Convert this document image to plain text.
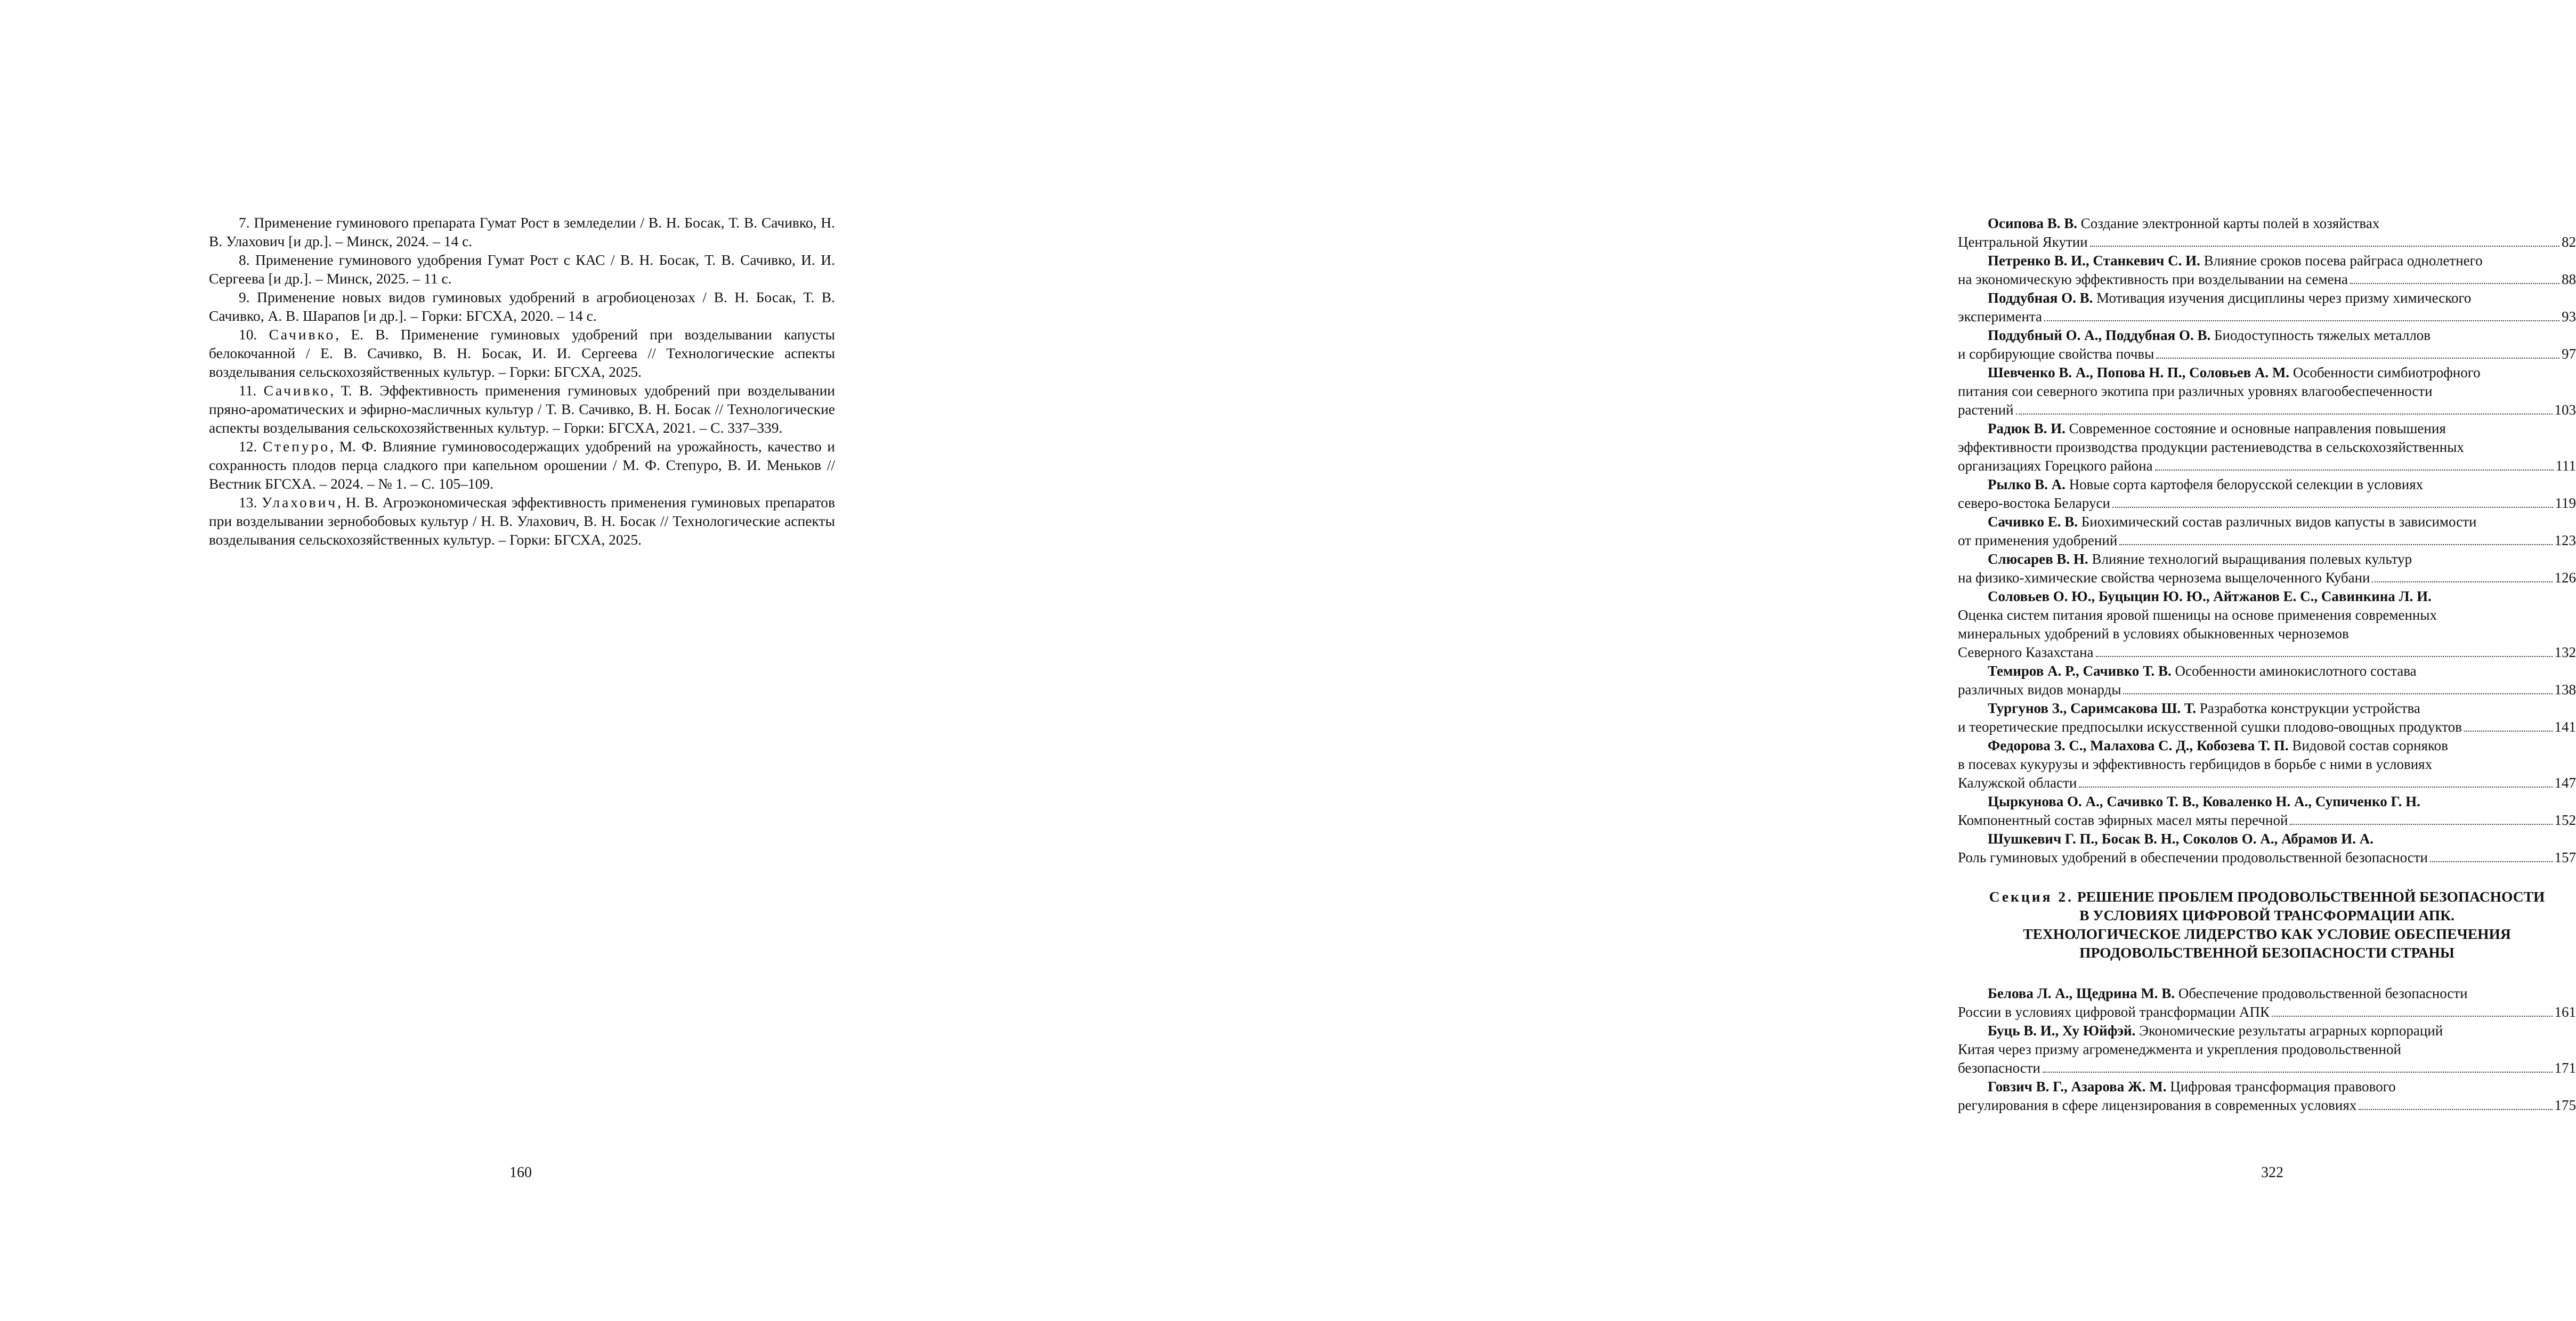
7. Применение гуминового препарата Гумат Рост в земледелии / В. Н. Босак, Т. В. Сачивко, Н. В. Улахович [и др.]. – Минск, 2024. – 14 с.

8. Применение гуминового удобрения Гумат Рост с КАС / В. Н. Босак, Т. В. Сачивко, И. И. Сергеева [и др.]. – Минск, 2025. – 11 с.

9. Применение новых видов гуминовых удобрений в агробиоценозах / В. Н. Босак, Т. В. Сачивко, А. В. Шарапов [и др.]. – Горки: БГСХА, 2020. – 14 с.

10. Сачивко, Е. В. Применение гуминовых удобрений при возделывании капусты белокочанной / Е. В. Сачивко, В. Н. Босак, И. И. Сергеева // Технологические аспекты возделывания сельскохозяйственных культур. – Горки: БГСХА, 2025.

11. Сачивко, Т. В. Эффективность применения гуминовых удобрений при возделывании пряно-ароматических и эфирно-масличных культур / Т. В. Сачивко, В. Н. Босак // Технологические аспекты возделывания сельскохозяйственных культур. – Горки: БГСХА, 2021. – С. 337–339.

12. Степуро, М. Ф. Влияние гуминовосодержащих удобрений на урожайность, качество и сохранность плодов перца сладкого при капельном орошении / М. Ф. Степуро, В. И. Меньков // Вестник БГСХА. – 2024. – № 1. – С. 105–109.

13. Улахович, Н. В. Агроэкономическая эффективность применения гуминовых препаратов при возделывании зернобобовых культур / Н. В. Улахович, В. Н. Босак // Технологические аспекты возделывания сельскохозяйственных культур. – Горки: БГСХА, 2025.

160
Осипова В. В. Создание электронной карты полей в хозяйствах
Центральной Якутии	82
Петренко В. И., Станкевич С. И. Влияние сроков посева райграса однолетнего
на экономическую эффективность при возделывании на семена	88
Поддубная О. В. Мотивация изучения дисциплины через призму химического
эксперимента	93
Поддубный О. А., Поддубная О. В. Биодоступность тяжелых металлов
и сорбирующие свойства почвы	97
Шевченко В. А., Попова Н. П., Соловьев А. М. Особенности симбиотрофного
питания сои северного экотипа при различных уровнях влагообеспеченности
растений	103
Радюк В. И. Современное состояние и основные направления повышения
эффективности производства продукции растениеводства в сельскохозяйственных
организациях Горецкого района	111
Рылко В. А. Новые сорта картофеля белорусской селекции в условиях
северо-востока Беларуси	119
Сачивко Е. В. Биохимический состав различных видов капусты в зависимости
от применения удобрений	123
Слюсарев В. Н. Влияние технологий выращивания полевых культур
на физико-химические свойства чернозема выщелоченного Кубани	126
Соловьев О. Ю., Буцыцин Ю. Ю., Айтжанов Е. С., Савинкина Л. И.
Оценка систем питания яровой пшеницы на основе применения современных
минеральных удобрений в условиях обыкновенных черноземов
Северного Казахстана	132
Темиров А. Р., Сачивко Т. В. Особенности аминокислотного состава
различных видов монарды	138
Тургунов З., Саримсакова Ш. Т. Разработка конструкции устройства
и теоретические предпосылки искусственной сушки плодово-овощных продуктов	141
Федорова З. С., Малахова С. Д., Кобозева Т. П. Видовой состав сорняков
в посевах кукурузы и эффективность гербицидов в борьбе с ними в условиях
Калужской области	147
Цыркунова О. А., Сачивко Т. В., Коваленко Н. А., Супиченко Г. Н.
Компонентный состав эфирных масел мяты перечной	152
Шушкевич Г. П., Босак В. Н., Соколов О. А., Абрамов И. А.
Роль гуминовых удобрений в обеспечении продовольственной безопасности	157
Секция 2. РЕШЕНИЕ ПРОБЛЕМ ПРОДОВОЛЬСТВЕННОЙ БЕЗОПАСНОСТИ
В УСЛОВИЯХ ЦИФРОВОЙ ТРАНСФОРМАЦИИ АПК.
ТЕХНОЛОГИЧЕСКОЕ ЛИДЕРСТВО КАК УСЛОВИЕ ОБЕСПЕЧЕНИЯ
ПРОДОВОЛЬСТВЕННОЙ БЕЗОПАСНОСТИ СТРАНЫ
Белова Л. А., Щедрина М. В. Обеспечение продовольственной безопасности
России в условиях цифровой трансформации АПК	161
Буць В. И., Ху Юйфэй. Экономические результаты аграрных корпораций
Китая через призму агроменеджмента и укрепления продовольственной
безопасности	171
Говзич В. Г., Азарова Ж. М. Цифровая трансформация правового
регулирования в сфере лицензирования в современных условиях	175
322
